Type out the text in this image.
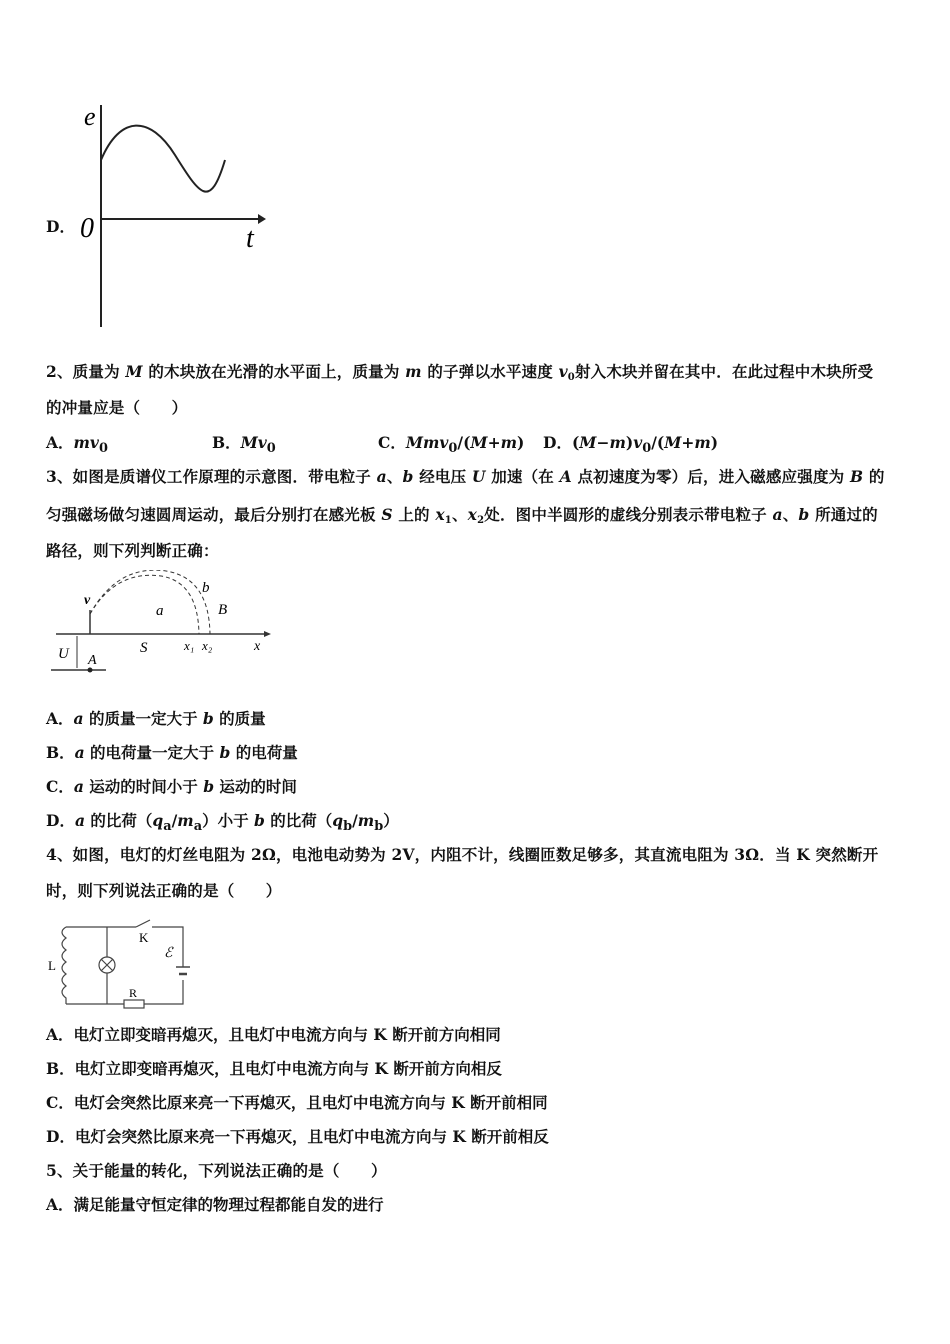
D．
e
0	t
2、质量为 M 的木块放在光滑的水平面上，质量为 m 的子弹以水平速度 $v_0$射入木块并留在其中．在此过程中木块所受
的冲量应是（　　）
A．$mv_0$	B．$Mv_0$	C．Mmv$_0$/(M+m) D．$(M-m)v_0/(M+m)$
3、如图是质谱仪工作原理的示意图．带电粒子 a、b 经电压 U 加速（在 A 点初速度为零）后，进入磁感应强度为 B 的
匀强磁场做匀速圆周运动，最后分别打在感光板 S 上的 $x_1$、$x_2$处．图中半圆形的虚线分别表示带电粒子 a、b 所通过的
路径，则下列判断正确：
v
a
b
B
S	x₁ x₂	x
U A
A．a 的质量一定大于 b 的质量
B．a 的电荷量一定大于 b 的电荷量
C．a 运动的时间小于 b 运动的时间
D．a 的比荷$(q_a/m_a)$小于 b 的比荷$(q_b/m_b)$
4、如图，电灯的灯丝电阻为 2Ω，电池电动势为 2V，内阻不计，线圈匝数足够多，其直流电阻为 3Ω．当 K 突然断开
时，则下列说法正确的是（　　）
L
K
ℰ
R
A．电灯立即变暗再熄灭，且电灯中电流方向与 K 断开前方向相同
B．电灯立即变暗再熄灭，且电灯中电流方向与 K 断开前方向相反
C．电灯会突然比原来亮一下再熄灭，且电灯中电流方向与 K 断开前相同
D．电灯会突然比原来亮一下再熄灭，且电灯中电流方向与 K 断开前相反
5、关于能量的转化，下列说法正确的是（　　）
A．满足能量守恒定律的物理过程都能自发的进行
